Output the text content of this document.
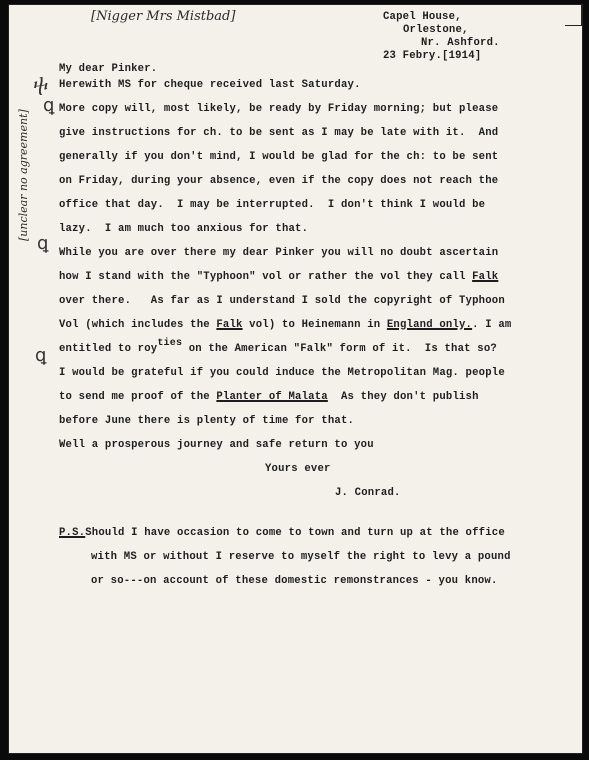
[Nigger Mrs Mistbad]	Capel House,
Orlestone,
Nr. Ashford.
23 Febry.[1914]
My dear Pinker.
ⴕ
ꝗ
ꝗ
ꝗ
[unclear no agreement]
Herewith MS for cheque received last Saturday.
More copy will, most likely, be ready by Friday morning; but please
give instructions for ch. to be sent as I may be late with it.  And
generally if you don't mind, I would be glad for the ch: to be sent
on Friday, during your absence, even if the copy does not reach the
office that day.  I may be interrupted.  I don't think I would be
lazy.  I am much too anxious for that.
While you are over there my dear Pinker you will no doubt ascertain
how I stand with the "Typhoon" vol or rather the vol they call Falk
over there.   As far as I understand I sold the copyright of Typhoon
Vol (which includes the Falk vol) to Heinemann in England only.. I am
entitled to royties on the American "Falk" form of it.  Is that so?
I would be grateful if you could induce the Metropolitan Mag. people
to send me proof of the Planter of Malata  As they don't publish
before June there is plenty of time for that.
Well a prosperous journey and safe return to you
Yours ever
J. Conrad.
P.S.Should I have occasion to come to town and turn up at the office
with MS or without I reserve to myself the right to levy a pound
or so---on account of these domestic remonstrances - you know.
